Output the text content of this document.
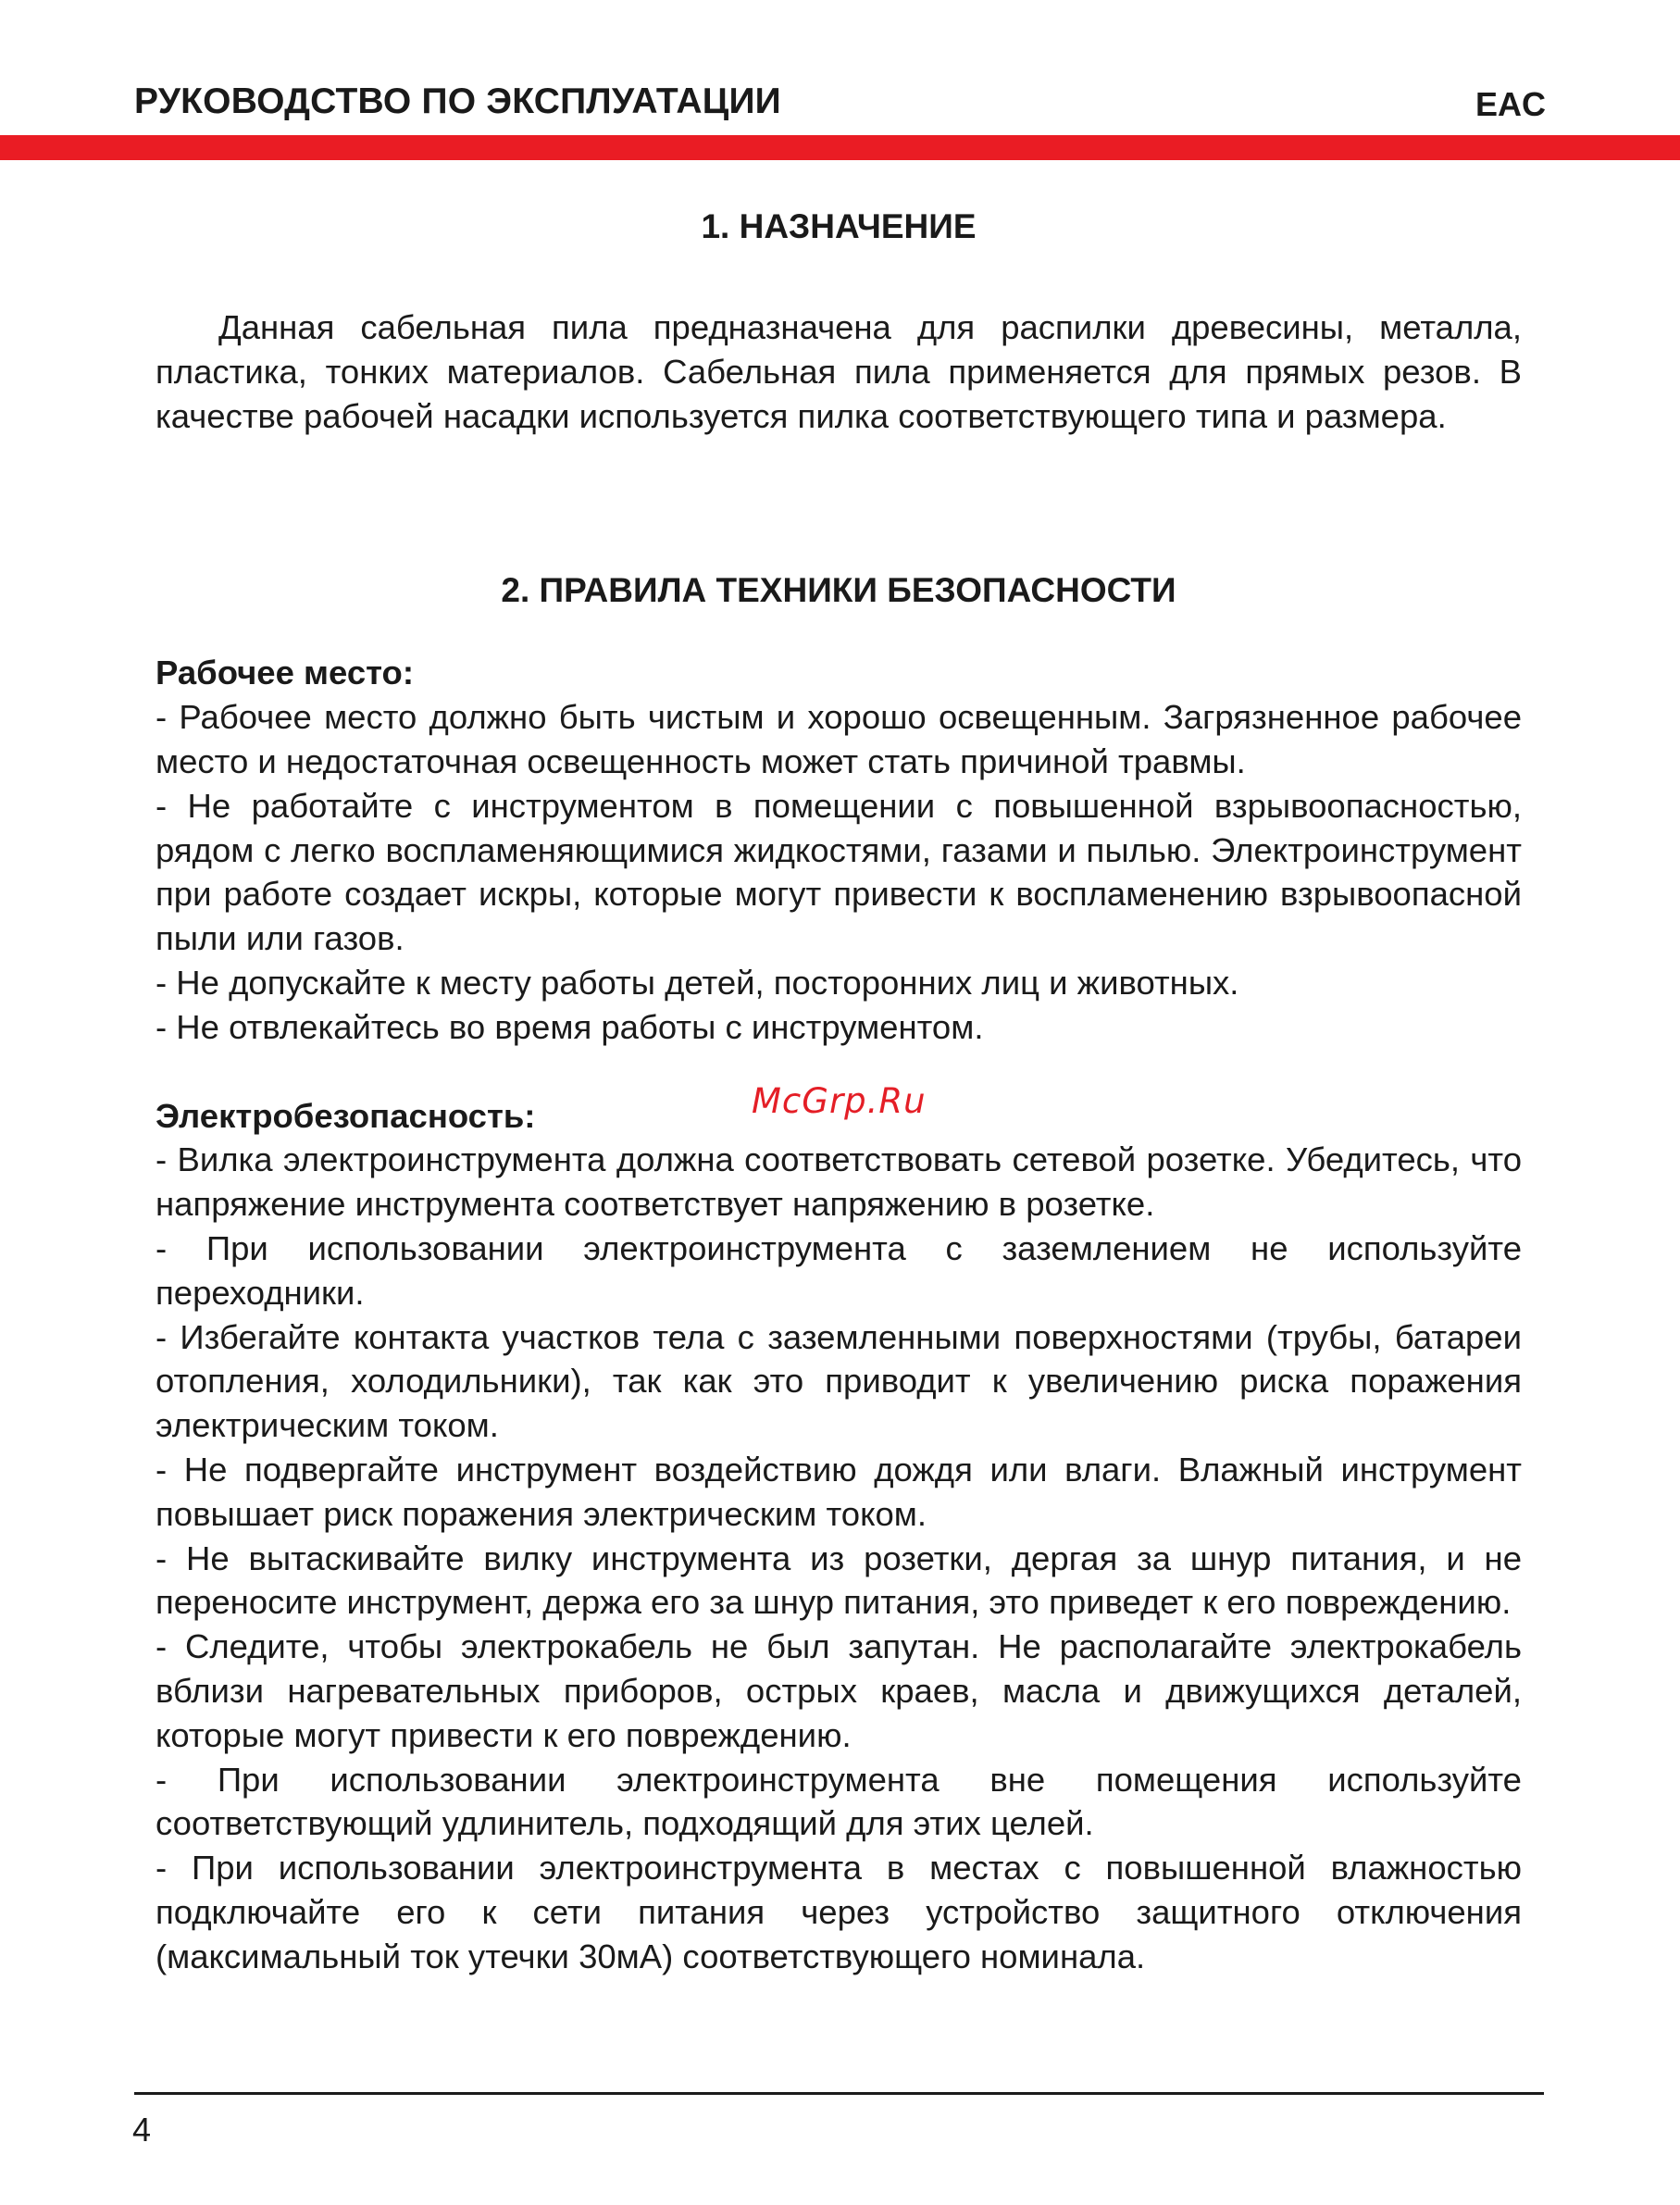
РУКОВОДСТВО ПО ЭКСПЛУАТАЦИИ	EAC
1. НАЗНАЧЕНИЕ

Данная сабельная пила предназначена для распилки древесины, металла, пластика, тонких материалов. Сабельная пила применяется для прямых резов. В качестве рабочей насадки используется пилка соответствующего типа и размера.

2. ПРАВИЛА ТЕХНИКИ БЕЗОПАСНОСТИ

Рабочее место:

- Рабочее место должно быть чистым и хорошо освещенным. Загрязненное рабочее место и недостаточная освещенность может стать причиной травмы.

- Не работайте с инструментом в помещении с повышенной взрывоопасностью, рядом с легко воспламеняющимися жидкостями, газами и пылью. Электроинструмент при работе создает искры, которые могут привести к воспламенению взрывоопасной пыли или газов.

- Не допускайте к месту работы детей, посторонних лиц и животных.

- Не отвлекайтесь во время работы с инструментом.

Электробезопасность:

- Вилка электроинструмента должна соответствовать сетевой розетке. Убедитесь, что напряжение инструмента соответствует напряжению в розетке.

- При использовании электроинструмента с заземлением не используйте переходники.

- Избегайте контакта участков тела с заземленными поверхностями (трубы, батареи отопления, холодильники), так как это приводит к увеличению риска поражения электрическим током.

- Не подвергайте инструмент воздействию дождя или влаги. Влажный инструмент повышает риск поражения электрическим током.

- Не вытаскивайте вилку инструмента из розетки, дергая за шнур питания, и не переносите инструмент, держа его за шнур питания, это приведет к его повреждению.

- Следите, чтобы электрокабель не был запутан. Не располагайте электрокабель вблизи нагревательных приборов, острых краев, масла и движущихся деталей, которые могут привести к его повреждению.

- При использовании электроинструмента вне помещения используйте соответствующий удлинитель, подходящий для этих целей.

- При использовании электроинструмента в местах с повышенной влажностью подключайте его к сети питания через устройство защитного отключения (максимальный ток утечки 30мА) соответствующего номинала.

McGrp.Ru
4
